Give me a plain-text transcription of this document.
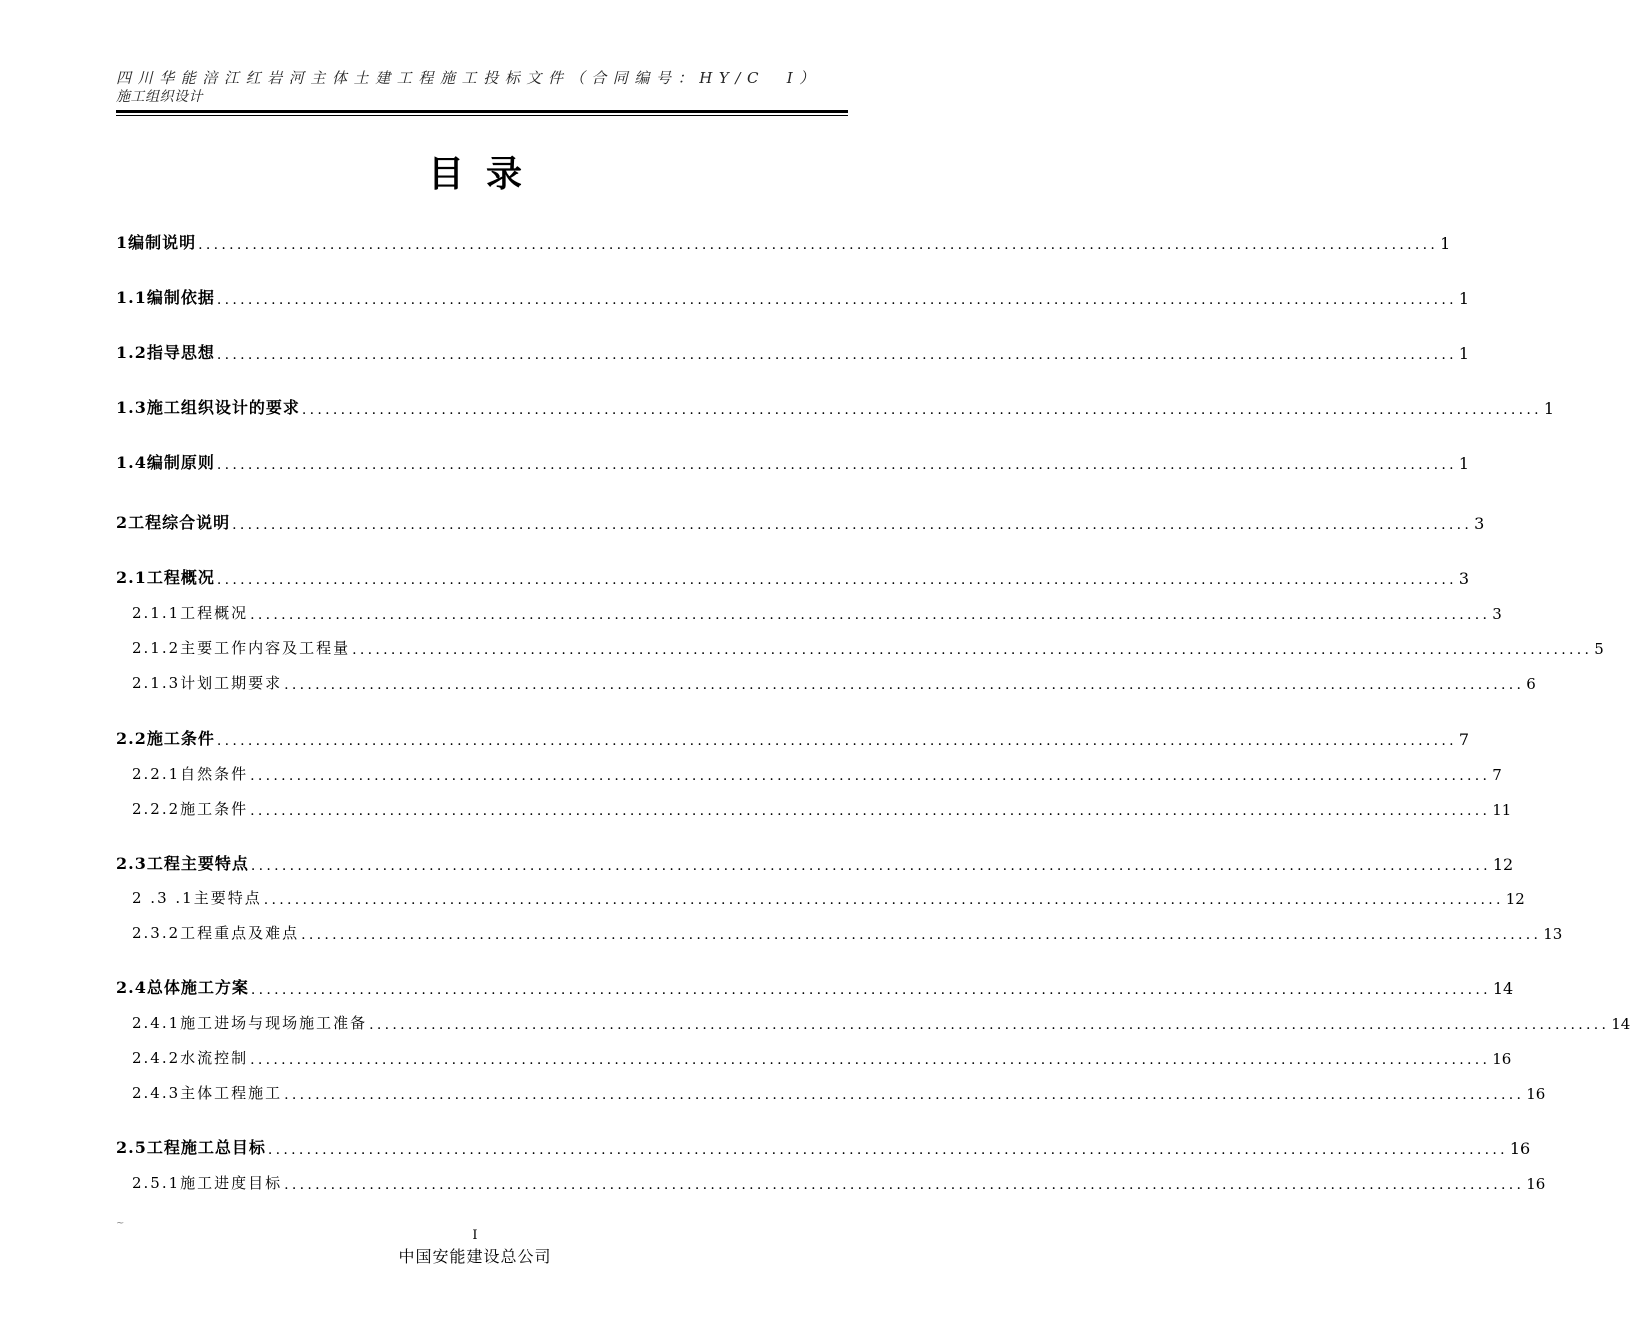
四川华能涪江红岩河主体土建工程施工投标文件（合同编号：HY/C　I）
施工组织设计
目录
1编制说明 ................................................................................................................................................................ 1
1.1编制依据 ................................................................................................................................................................ 1
1.2指导思想 ................................................................................................................................................................ 1
1.3施工组织设计的要求 ................................................................................................................................................................ 1
1.4编制原则 ................................................................................................................................................................ 1
2工程综合说明 ................................................................................................................................................................ 3
2.1工程概况 ................................................................................................................................................................ 3
2.1.1工程概况 ................................................................................................................................................................ 3
2.1.2主要工作内容及工程量 ................................................................................................................................................................ 5
2.1.3计划工期要求 ................................................................................................................................................................ 6
2.2施工条件 ................................................................................................................................................................ 7
2.2.1自然条件 ................................................................................................................................................................ 7
2.2.2施工条件 ................................................................................................................................................................ 11
2.3工程主要特点 ................................................................................................................................................................ 12
2 .3 .1主要特点 ................................................................................................................................................................ 12
2.3.2工程重点及难点 ................................................................................................................................................................ 13
2.4总体施工方案 ................................................................................................................................................................ 14
2.4.1施工进场与现场施工准备 ................................................................................................................................................................ 14
2.4.2水流控制 ................................................................................................................................................................ 16
2.4.3主体工程施工 ................................................................................................................................................................ 16
2.5工程施工总目标 ................................................................................................................................................................ 16
2.5.1施工进度目标 ................................................................................................................................................................ 16
~
I
中国安能建设总公司
